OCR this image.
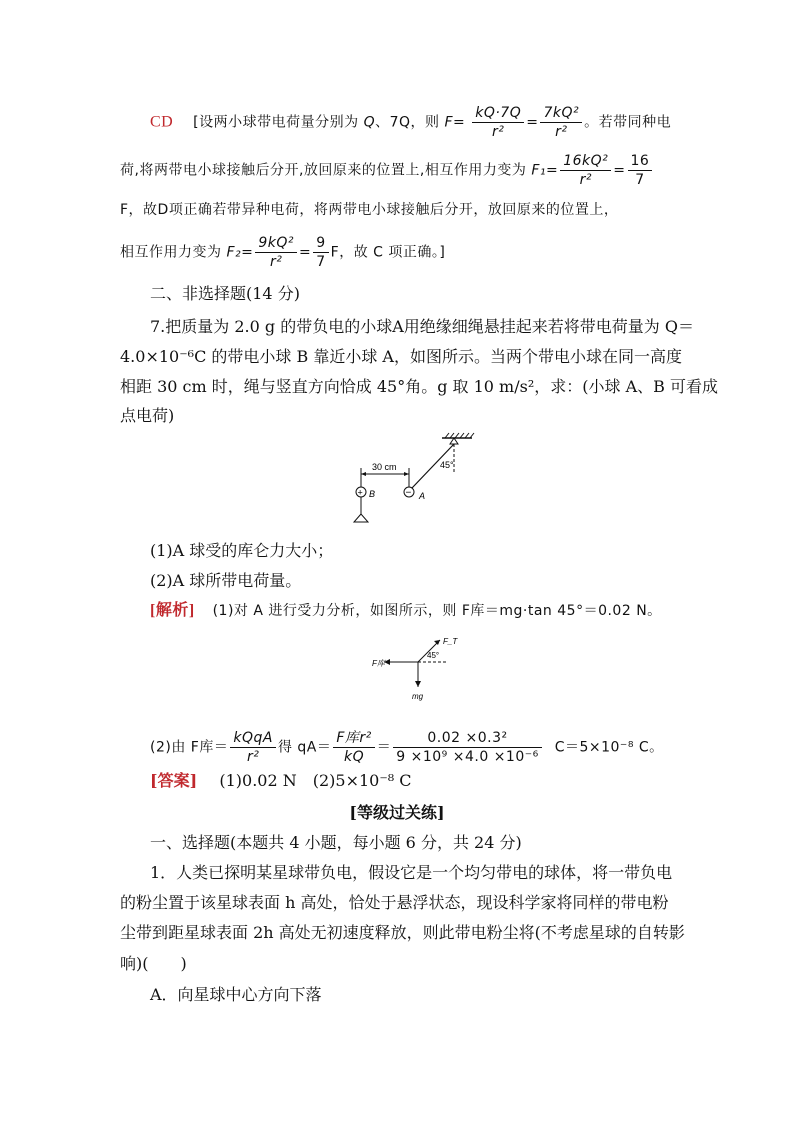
CD [设两小球带电荷量分别为 Q、7Q，则 $F= \frac{kQ\cdot 7Q}{\text{r²}} = \frac{\text{7kQ²}}{\text{r²}}$ 。若带同种电
荷,将两带电小球接触后分开,放回原来的位置上,相互作用力变为 $F_1= \frac{\text{16kQ²}}{\text{r²}} = \frac{16}{7}$
F，故D项正确若带异种电荷，将两带电小球接触后分开，放回原来的位置上，
相互作用力变为 $F_2= \frac{\text{9kQ²}}{\text{r²}} = \frac{9}{7}$ F，故 C 项正确。]
二、非选择题(14 分)
7.把质量为 2.0 g 的带负电的小球A用绝缘细绳悬挂起来若将带电荷量为 Q＝
4.0×10⁻⁶C 的带电小球 B 靠近小球 A，如图所示。当两个带电小球在同一高度
相距 30 cm 时，绳与竖直方向恰成 45°角。g 取 10 m/s²，求：(小球 A、B 可看成
点电荷)
45°
30 cm
+ B	− A
(1)A 球受的库仑力大小；
(2)A 球所带电荷量。
[解析] (1)对 A 进行受力分析，如图所示，则 F库＝mg·tan 45°＝0.02 N。
F_T
F库
mg
45°
(2)由 F库＝ $\frac{\text{kQqA}}{\text{r²}}$ 得 $qA= \frac{\text{F库r²}}{kQ} = \frac{\text{0.02 ×0.3²}}{\text{9 ×10⁹ ×4.0 ×10⁻⁶}} C=5\times 10^{-8}$ C。
[答案] (1)0.02 N　(2)5×10⁻⁸ C
[等级过关练]
一、选择题(本题共 4 小题，每小题 6 分，共 24 分)
1．人类已探明某星球带负电，假设它是一个均匀带电的球体，将一带负电
的粉尘置于该星球表面 h 高处，恰处于悬浮状态，现设科学家将同样的带电粉
尘带到距星球表面 2h 高处无初速度释放，则此带电粉尘将(不考虑星球的自转影
响)(　　)
A．向星球中心方向下落
